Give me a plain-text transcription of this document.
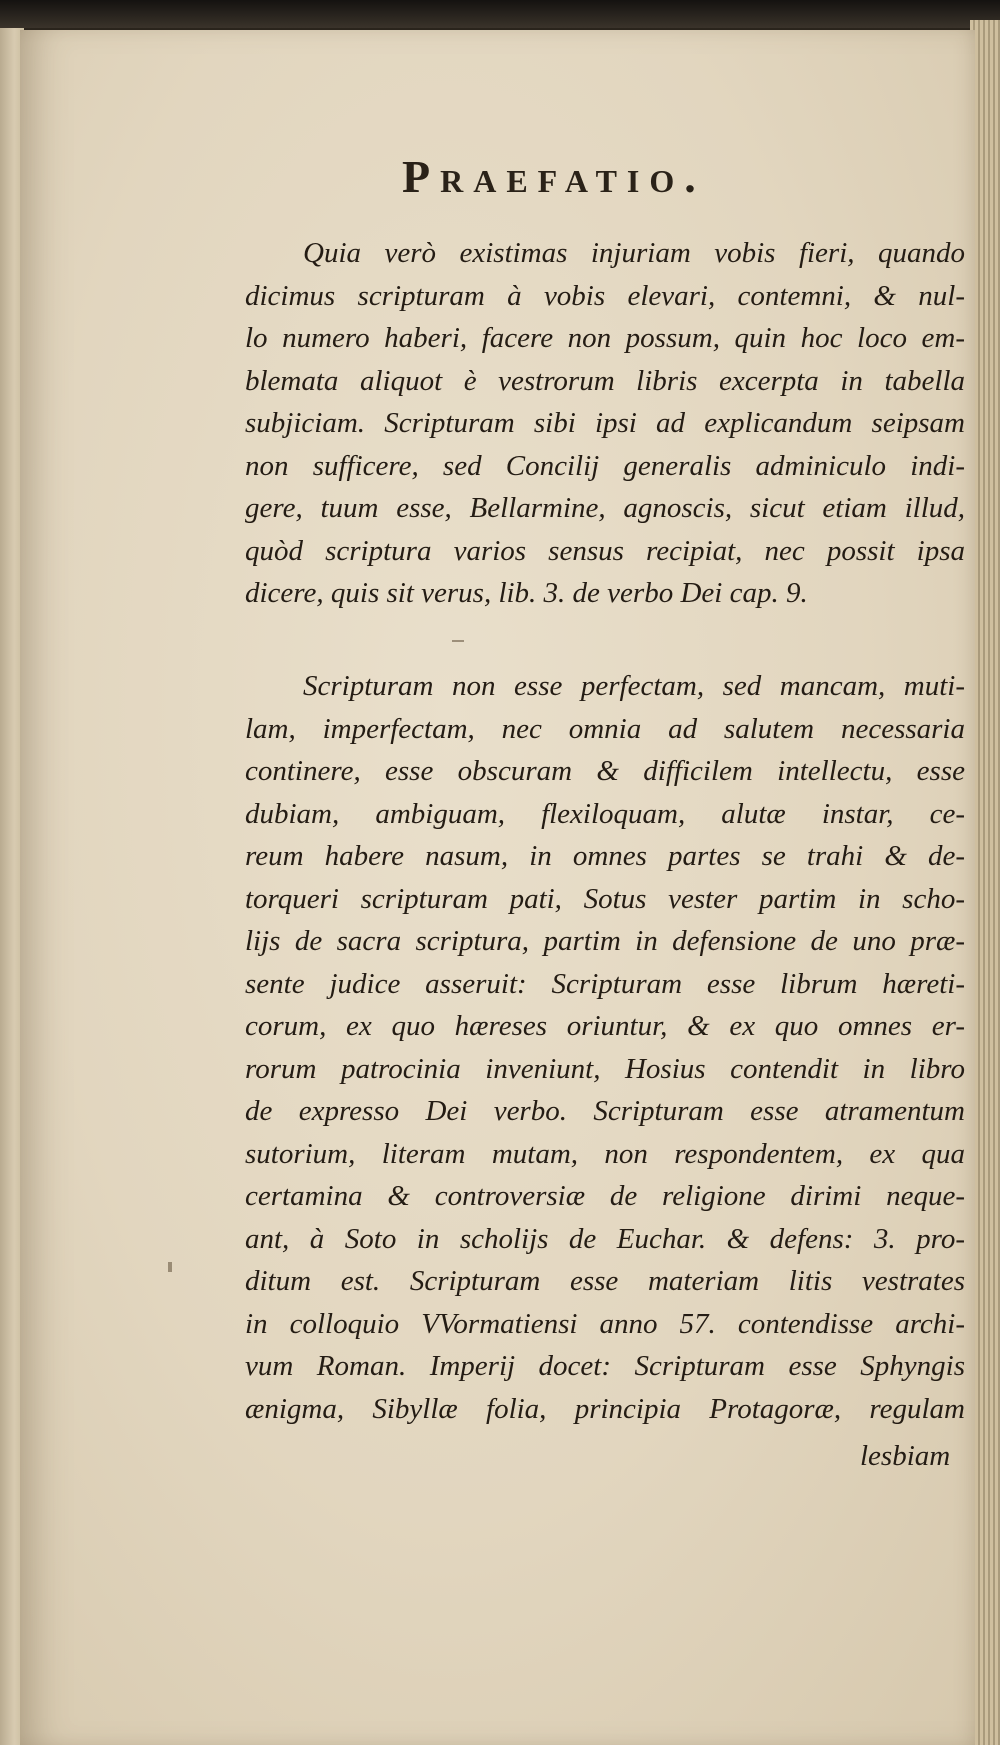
Praefatio.
Quia verò existimas injuriam vobis fieri, quando
dicimus scripturam à vobis elevari, contemni, & nul-
lo numero haberi, facere non possum, quin hoc loco em-
blemata aliquot è vestrorum libris excerpta in tabella
subjiciam. Scripturam sibi ipsi ad explicandum seipsam
non sufficere, sed Concilij generalis adminiculo indi-
gere, tuum esse, Bellarmine, agnoscis, sicut etiam illud,
quòd scriptura varios sensus recipiat, nec possit ipsa
dicere, quis sit verus, lib. 3. de verbo Dei cap. 9.
Scripturam non esse perfectam, sed mancam, muti-
lam, imperfectam, nec omnia ad salutem necessaria
continere, esse obscuram & difficilem intellectu, esse
dubiam, ambiguam, flexiloquam, alutæ instar, ce-
reum habere nasum, in omnes partes se trahi & de-
torqueri scripturam pati, Sotus vester partim in scho-
lijs de sacra scriptura, partim in defensione de uno præ-
sente judice asseruit: Scripturam esse librum hæreti-
corum, ex quo hæreses oriuntur, & ex quo omnes er-
rorum patrocinia inveniunt, Hosius contendit in libro
de expresso Dei verbo. Scripturam esse atramentum
sutorium, literam mutam, non respondentem, ex qua
certamina & controversiæ de religione dirimi neque-
ant, à Soto in scholijs de Euchar. & defens: 3. pro-
ditum est. Scripturam esse materiam litis vestrates
in colloquio VVormatiensi anno 57. contendisse archi-
vum Roman. Imperij docet: Scripturam esse Sphyngis
ænigma, Sibyllæ folia, principia Protagoræ, regulam
lesbiam
